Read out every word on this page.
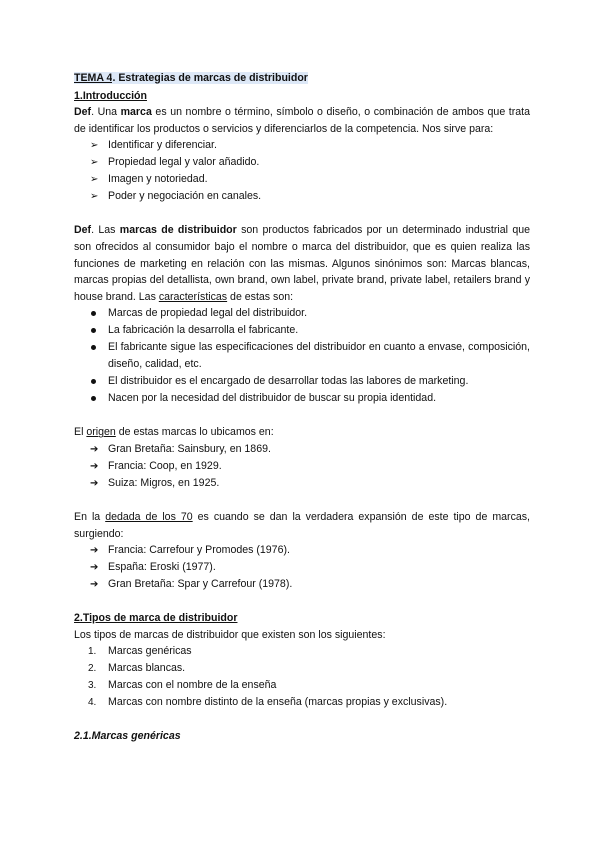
TEMA 4. Estrategias de marcas de distribuidor

1.Introducción

Def. Una marca es un nombre o término, símbolo o diseño, o combinación de ambos que trata de identificar los productos o servicios y diferenciarlos de la competencia. Nos sirve para:

➢ Identificar y diferenciar.
➢ Propiedad legal y valor añadido.
➢ Imagen y notoriedad.
➢ Poder y negociación en canales.

Def. Las marcas de distribuidor son productos fabricados por un determinado industrial que son ofrecidos al consumidor bajo el nombre o marca del distribuidor, que es quien realiza las funciones de marketing en relación con las mismas. Algunos sinónimos son: Marcas blancas, marcas propias del detallista, own brand, own label, private brand, private label, retailers brand y house brand. Las características de estas son:

Marcas de propiedad legal del distribuidor.
La fabricación la desarrolla el fabricante.
El fabricante sigue las especificaciones del distribuidor en cuanto a envase, composición, diseño, calidad, etc.
El distribuidor es el encargado de desarrollar todas las labores de marketing.
Nacen por la necesidad del distribuidor de buscar su propia identidad.

El origen de estas marcas lo ubicamos en:

➔ Gran Bretaña: Sainsbury, en 1869.
➔ Francia: Coop, en 1929.
➔ Suiza: Migros, en 1925.

En la dedada de los 70 es cuando se dan la verdadera expansión de este tipo de marcas, surgiendo:

➔ Francia: Carrefour y Promodes (1976).
➔ España: Eroski (1977).
➔ Gran Bretaña: Spar y Carrefour (1978).

2.Tipos de marca de distribuidor

Los tipos de marcas de distribuidor que existen son los siguientes:

1.	Marcas genéricas
2.	Marcas blancas.
3.	Marcas con el nombre de la enseña
4.	Marcas con nombre distinto de la enseña (marcas propias y exclusivas).

2.1.Marcas genéricas
